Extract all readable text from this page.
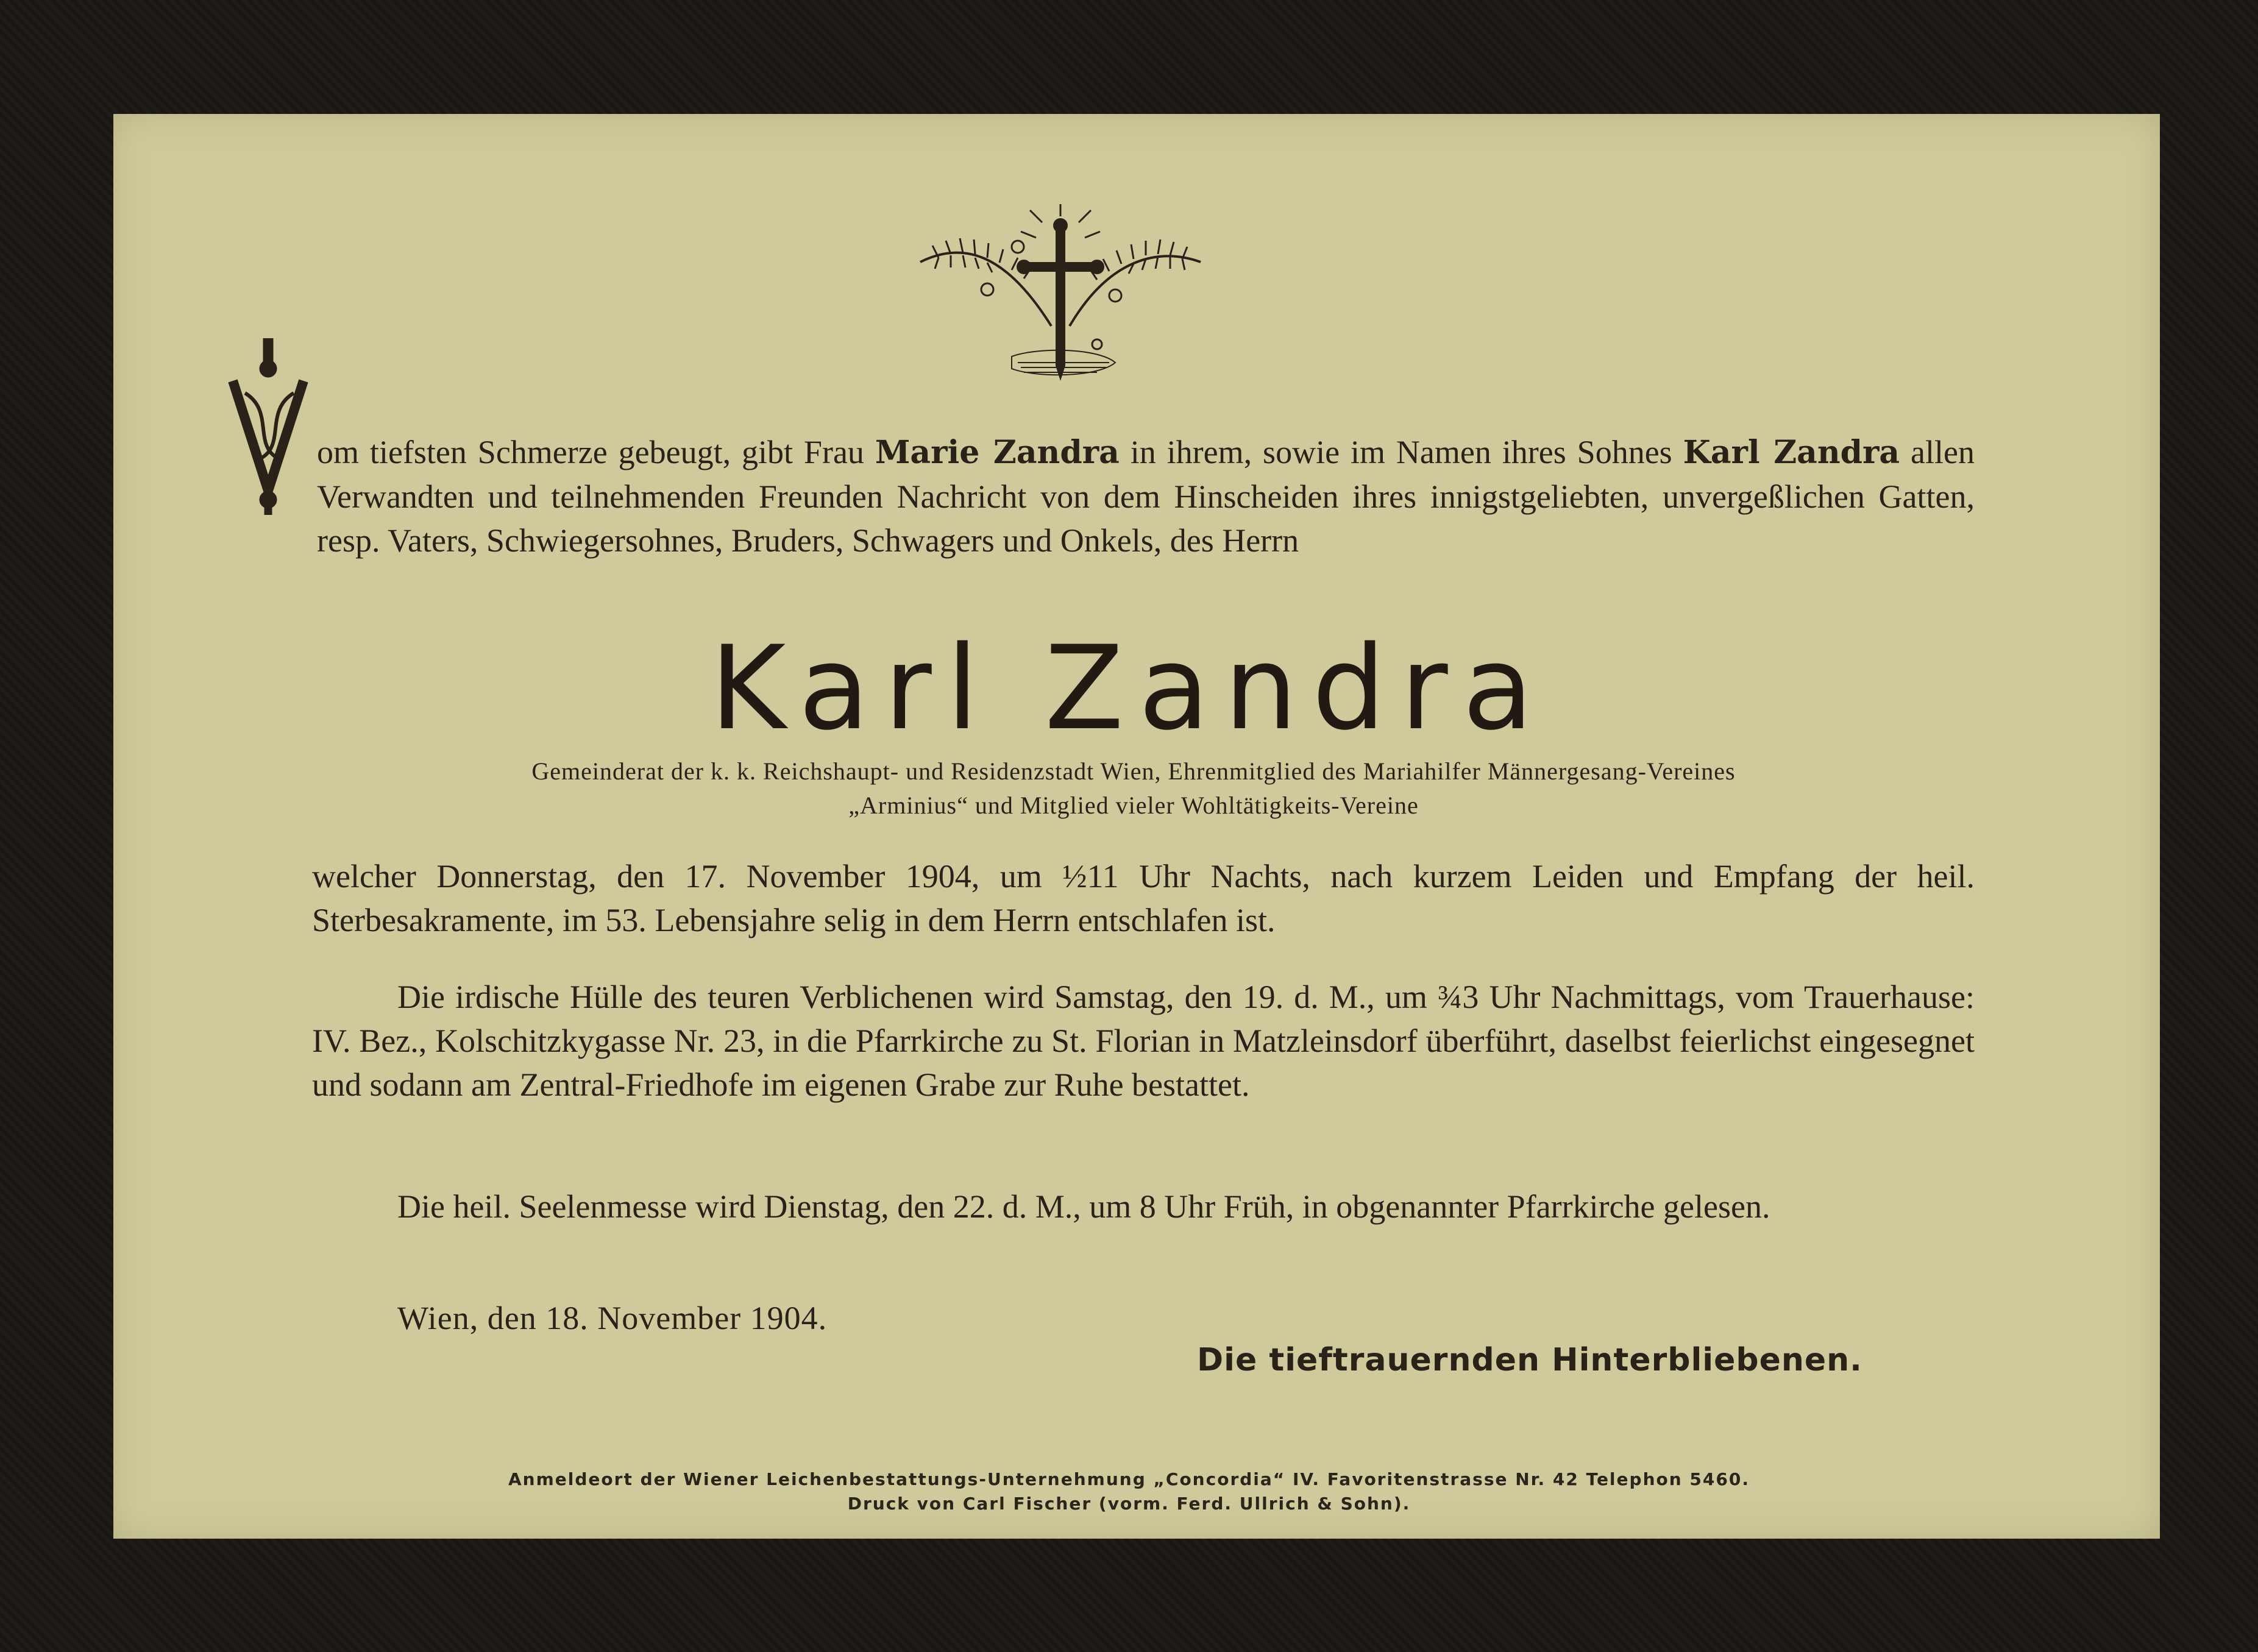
V om tiefsten Schmerze gebeugt, gibt Frau Marie Zandra in ihrem, sowie im Namen ihres Sohnes Karl Zandra allen Verwandten und teilnehmenden Freunden Nachricht von dem Hinscheiden ihres innigstgeliebten, unvergeßlichen Gatten, resp. Vaters, Schwiegersohnes, Bruders, Schwagers und Onkels, des Herrn

Karl Zandra
Gemeinderat der k. k. Reichshaupt- und Residenzstadt Wien, Ehrenmitglied des Mariahilfer Männergesang-Vereines
„Arminius“ und Mitglied vieler Wohltätigkeits-Vereine

welcher Donnerstag, den 17. November 1904, um ½11 Uhr Nachts, nach kurzem Leiden und Empfang der heil. Sterbesakramente, im 53. Lebensjahre selig in dem Herrn entschlafen ist.

Die irdische Hülle des teuren Verblichenen wird Samstag, den 19. d. M., um ¾3 Uhr Nachmittags, vom Trauerhause: IV. Bez., Kolschitzkygasse Nr. 23, in die Pfarrkirche zu St. Florian in Matzleinsdorf überführt, daselbst feierlichst eingesegnet und sodann am Zentral-Friedhofe im eigenen Grabe zur Ruhe bestattet.

Die heil. Seelenmesse wird Dienstag, den 22. d. M., um 8 Uhr Früh, in obgenannter Pfarrkirche gelesen.

Wien, den 18. November 1904.
Die tieftrauernden Hinterbliebenen.
Anmeldeort der Wiener Leichenbestattungs-Unternehmung „Concordia“ IV. Favoritenstrasse Nr. 42 Telephon 5460.
Druck von Carl Fischer (vorm. Ferd. Ullrich & Sohn).
